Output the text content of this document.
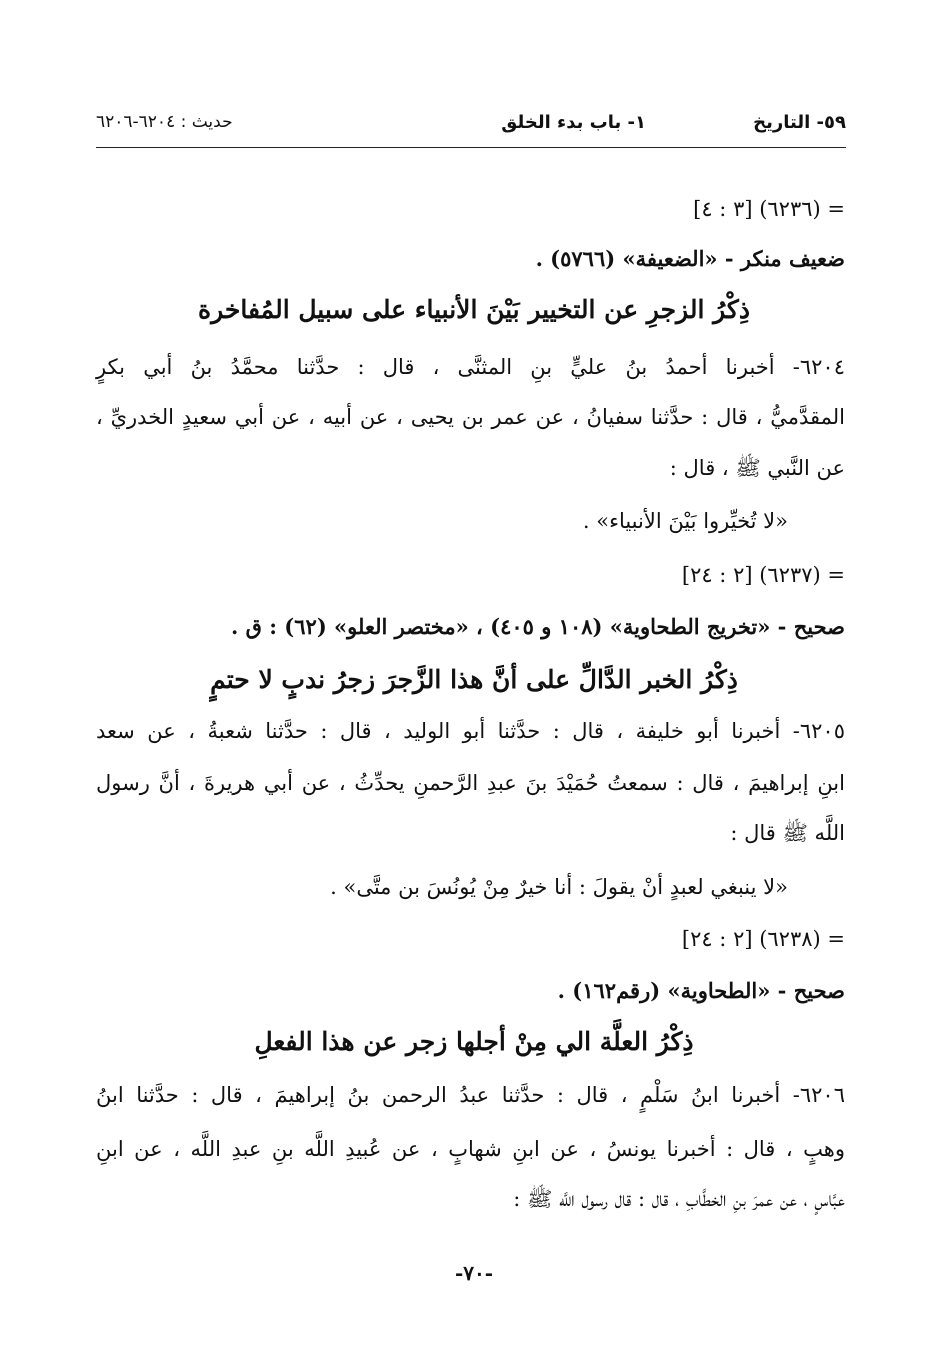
٥٩- التاريخ
١- باب بدء الخلق
حديث : ٦٢٠٤-٦٢٠٦
= (٦٢٣٦) [٣ : ٤]
ضعيف منكر - «الضعيفة» (٥٧٦٦) .
ذِكْرُ الزجرِ عن التخيير بَيْنَ الأنبياء على سبيل المُفاخرة
٦٢٠٤- أخبرنا أحمدُ بنُ عليٍّ بنِ المثنَّى ، قال : حدَّثنا محمَّدُ بنُ أبي بكرٍ
المقدَّميُّ ، قال : حدَّثنا سفيانُ ، عن عمر بن يحيى ، عن أبيه ، عن أبي سعيدٍ الخدريِّ ،
عن النَّبي ﷺ ، قال :
«لا تُخيِّروا بَيْنَ الأنبياء» .
= (٦٢٣٧) [٢ : ٢٤]
صحيح - «تخريج الطحاوية» (١٠٨ و ٤٠٥) ، «مختصر العلو» (٦٢) : ق .
ذِكْرُ الخبر الدَّالِّ على أنَّ هذا الزَّجرَ زجرُ ندبٍ لا حتمٍ
٦٢٠٥- أخبرنا أبو خليفة ، قال : حدَّثنا أبو الوليد ، قال : حدَّثنا شعبةُ ، عن سعد
ابنِ إبراهيمَ ، قال : سمعتُ حُمَيْدَ بنَ عبدِ الرَّحمنِ يحدِّثُ ، عن أبي هريرةَ ، أنَّ رسول
اللَّه ﷺ قال :
«لا ينبغي لعبدٍ أنْ يقولَ : أنا خيرٌ مِنْ يُونُسَ بن متَّى» .
= (٦٢٣٨) [٢ : ٢٤]
صحيح - «الطحاوية» (رقم١٦٢) .
ذِكْرُ العلَّة الي مِنْ أجلها زجر عن هذا الفعلِ
٦٢٠٦- أخبرنا ابنُ سَلْمٍ ، قال : حدَّثنا عبدُ الرحمن بنُ إبراهيمَ ، قال : حدَّثنا ابنُ
وهبٍ ، قال : أخبرنا يونسُ ، عن ابنِ شهابٍ ، عن عُبيدِ اللَّه بنِ عبدِ اللَّه ، عن ابنِ
عبَّاسٍ ، عن عمرَ بنِ الخطَّابِ ، قال : قال رسول اللَّه ﷺ :
-٧٠-
